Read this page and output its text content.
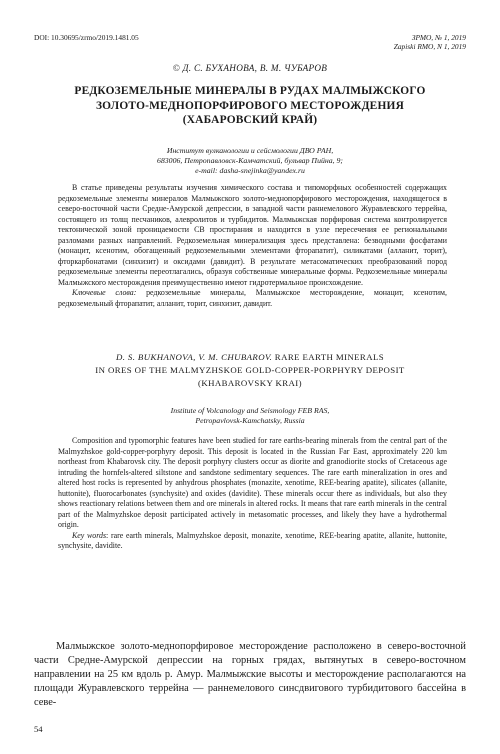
DOI: 10.30695/zrmo/2019.1481.05	ЗРМО, № 1, 2019
Zapiski RMO, N 1, 2019
© Д. С. БУХАНОВА, В. М. ЧУБАРОВ
РЕДКОЗЕМЕЛЬНЫЕ МИНЕРАЛЫ В РУДАХ МАЛМЫЖСКОГО
ЗОЛОТО-МЕДНОПОРФИРОВОГО МЕСТОРОЖДЕНИЯ
(ХАБАРОВСКИЙ КРАЙ)
Институт вулканологии и сейсмологии ДВО РАН,
683006, Петропавловск-Камчатский, бульвар Пийна, 9;
e-mail: dasha-snejinka@yandex.ru

В статье приведены результаты изучения химического состава и типоморфных особенностей содержащих редкоземельные элементы минералов Малмыжского золото-меднопорфирового месторождения, находящегося в северо-восточной части Средне-Амурской депрессии, в западной части раннемелового Журавлевского террейна, состоящего из толщ песчаников, алевролитов и турбидитов. Малмыжская порфировая система контролируется тектонической зоной проницаемости СВ простирания и находится в узле пересечения ее региональными разломами разных направлений. Редкоземельная минерализация здесь представлена: безводными фосфатами (монацит, ксенотим, обогащенный редкоземельными элементами фторапатит), силикатами (алланит, торит), фторкарбонатами (синхизит) и оксидами (давидит). В результате метасоматических преобразований пород редкоземельные элементы переотлагались, образуя собственные минеральные формы. Редкоземельные минералы Малмыжского месторождения преимущественно имеют гидротермальное происхождение.

Ключевые слова: редкоземельные минералы, Малмыжское месторождение, монацит, ксенотим, редкоземельный фторапатит, алланит, торит, синхизит, давидит.

D. S. BUKHANOVA, V. M. CHUBAROV. RARE EARTH MINERALS
IN ORES OF THE MALMYZHSKOE GOLD-COPPER-PORPHYRY DEPOSIT
(KHABAROVSKY KRAI)
Institute of Volcanology and Seismology FEB RAS,
Petropavlovsk-Kamchatsky, Russia

Composition and typomorphic features have been studied for rare earths-bearing minerals from the central part of the Malmyzhskoe gold-copper-porphyry deposit. This deposit is located in the Russian Far East, approximately 220 km northeast from Khabarovsk city. The deposit porphyry clusters occur as diorite and granodiorite stocks of Cretaceous age intruding the hornfels-altered siltstone and sandstone sedimentary sequences. The rare earth mineralization in ores and altered host rocks is represented by anhydrous phosphates (monazite, xenotime, REE-bearing apatite), silicates (allanite, huttonite), fluorocarbonates (synchysite) and oxides (davidite). These minerals occur there as individuals, but also they shows reactionary relations between them and ore minerals in altered rocks. It means that rare earth minerals in the central part of the Malmyzhskoe deposit participated actively in metasomatic processes, and likely they have a hydrothermal origin.

Key words: rare earth minerals, Malmyzhskoe deposit, monazite, xenotime, REE-bearing apatite, allanite, huttonite, synchysite, davidite.

Малмыжское золото-меднопорфировое месторождение расположено в северо-восточной части Средне-Амурской депрессии на горных грядах, вытянутых в северо-восточном направлении на 25 км вдоль р. Амур. Малмыжские высоты и месторождение располагаются на площади Журавлевского террейна — раннемелового синсдвигового турбидитового бассейна в севе-

54
